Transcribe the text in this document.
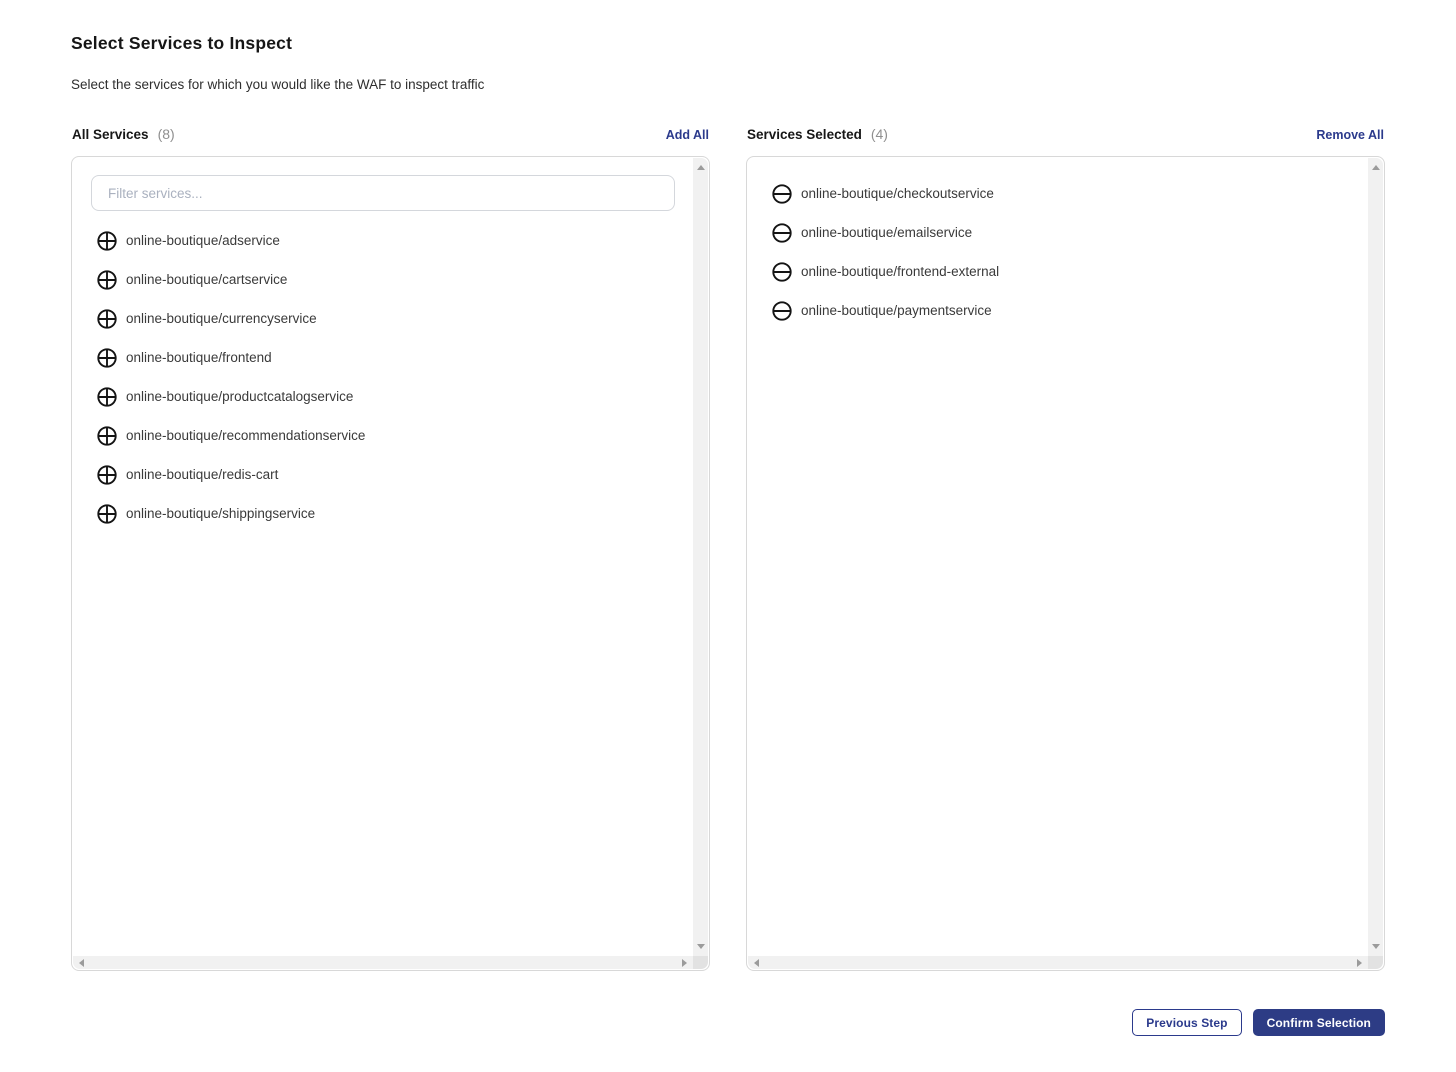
Select Services to Inspect

Select the services for which you would like the WAF to inspect traffic

All Services (8)	Add All
Filter services...
online-boutique/adservice
online-boutique/cartservice
online-boutique/currencyservice
online-boutique/frontend
online-boutique/productcatalogservice
online-boutique/recommendationservice
online-boutique/redis-cart
online-boutique/shippingservice
Services Selected (4)	Remove All
online-boutique/checkoutservice
online-boutique/emailservice
online-boutique/frontend-external
online-boutique/paymentservice
Previous Step	Confirm Selection
